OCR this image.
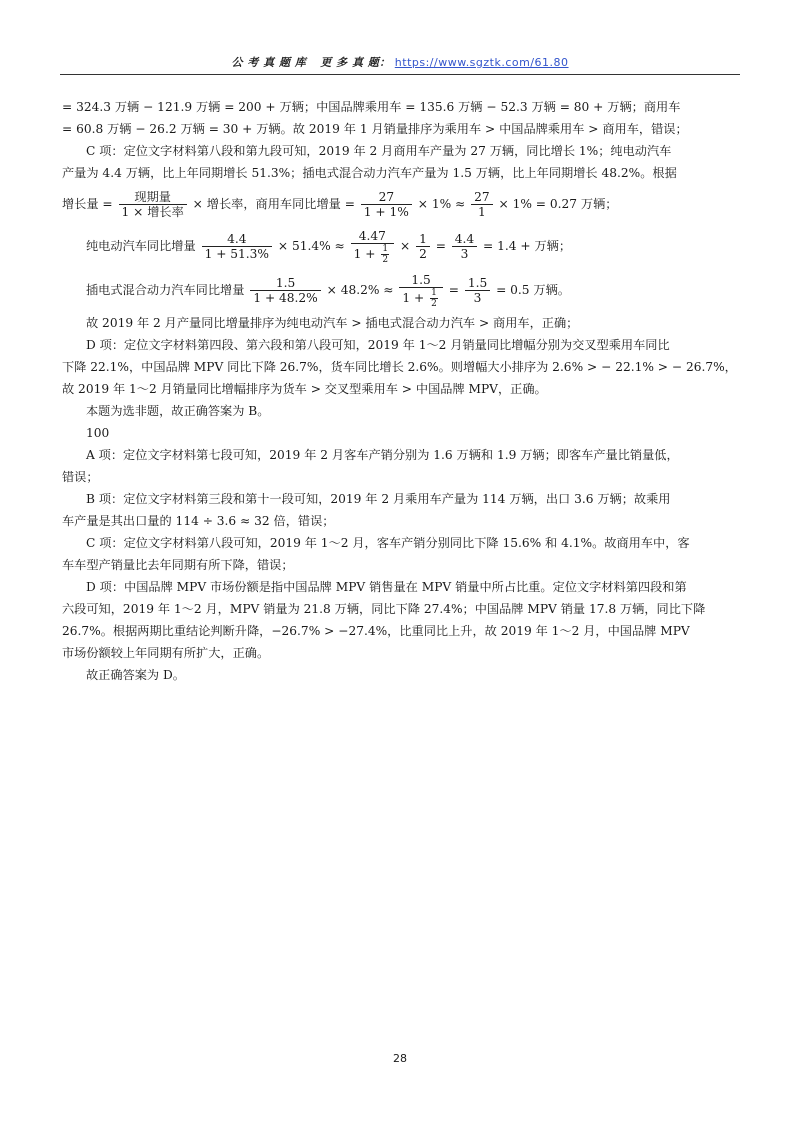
公 考 真 题 库 更 多 真 题： https://www.sgztk.com/61.80
= 324.3 万辆 − 121.9 万辆 = 200 + 万辆；中国品牌乘用车 = 135.6 万辆 − 52.3 万辆 = 80 + 万辆；商用车
= 60.8 万辆 − 26.2 万辆 = 30 + 万辆。故 2019 年 1 月销量排序为乘用车 > 中国品牌乘用车 > 商用车，错误；
C 项：定位文字材料第八段和第九段可知，2019 年 2 月商用车产量为 27 万辆，同比增长 1%；纯电动汽车
产量为 4.4 万辆，比上年同期增长 51.3%；插电式混合动力汽车产量为 1.5 万辆，比上年同期增长 48.2%。根据
增长量 = $\frac{\text{现期量}}{\text{1 × 增长率}}$ × 增长率，商用车同比增量 = $\frac{27}{1 + 1\%} \times 1\% \approx \frac{27}{1} \times 1\% = 0.27$ 万辆；
纯电动汽车同比增量 $\frac{4.4}{1 + 51.3\%} \times 51.4\% \approx \frac{4.47}{1 + \frac{1}{2}} \times \frac{1}{2} = \frac{4.4}{3} = 1.4$ + 万辆；
插电式混合动力汽车同比增量 $\frac{1.5}{1 + 48.2\%} \times 48.2\% \approx \frac{1.5}{1 + \frac{1}{2}} = \frac{1.5}{3} = 0.5$ 万辆。
故 2019 年 2 月产量同比增量排序为纯电动汽车 > 插电式混合动力汽车 > 商用车，正确；
D 项：定位文字材料第四段、第六段和第八段可知，2019 年 1～2 月销量同比增幅分别为交叉型乘用车同比
下降 22.1%，中国品牌 MPV 同比下降 26.7%，货车同比增长 2.6%。则增幅大小排序为 2.6% > − 22.1% > − 26.7%，
故 2019 年 1～2 月销量同比增幅排序为货车 > 交叉型乘用车 > 中国品牌 MPV，正确。
本题为选非题，故正确答案为 B。
100
A 项：定位文字材料第七段可知，2019 年 2 月客车产销分别为 1.6 万辆和 1.9 万辆；即客车产量比销量低，
错误；
B 项：定位文字材料第三段和第十一段可知，2019 年 2 月乘用车产量为 114 万辆，出口 3.6 万辆；故乘用
车产量是其出口量的 114 ÷ 3.6 ≈ 32 倍，错误；
C 项：定位文字材料第八段可知，2019 年 1～2 月，客车产销分别同比下降 15.6% 和 4.1%。故商用车中，客
车车型产销量比去年同期有所下降，错误；
D 项：中国品牌 MPV 市场份额是指中国品牌 MPV 销售量在 MPV 销量中所占比重。定位文字材料第四段和第
六段可知，2019 年 1～2 月，MPV 销量为 21.8 万辆，同比下降 27.4%；中国品牌 MPV 销量 17.8 万辆，同比下降
26.7%。根据两期比重结论判断升降，−26.7% > −27.4%，比重同比上升，故 2019 年 1～2 月，中国品牌 MPV
市场份额较上年同期有所扩大，正确。
故正确答案为 D。
28
